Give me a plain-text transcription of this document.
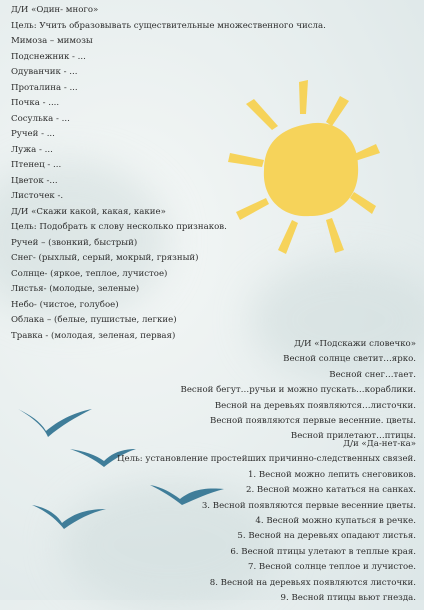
Д/И «Один- много»
Цель: Учить образовывать существительные множественного числа.
Мимоза – мимозы
Подснежник - ...
Одуванчик - ...
Проталина - ...
Почка - ....
Сосулька - ...
Ручей - ...
Лужа - ...
Птенец - ...
Цветок -...
Листочек -.
Д/И «Скажи какой, какая, какие»
Цель: Подобрать к слову несколько признаков.
Ручей – (звонкий, быстрый)
Снег- (рыхлый, серый, мокрый, грязный)
Солнце- (яркое, теплое, лучистое)
Листья- (молодые, зеленые)
Небо- (чистое, голубое)
Облака – (белые, пушистые, легкие)
Травка - (молодая, зеленая, первая)
Д/И «Подскажи словечко»
Весной солнце светит…ярко.
Весной снег…тает.
Весной бегут…ручьи и можно пускать…кораблики.
Весной на деревьях появляются…листочки.
Весной появляются первые весенние. цветы.
Весной прилетают…птицы.
Д/и «Да-нет-ка»
Цель: установление простейших причинно-следственных связей.
1. Весной можно лепить снеговиков.
2. Весной можно кататься на санках.
3. Весной появляются первые весенние цветы.
4. Весной можно купаться в речке.
5. Весной на деревьях опадают листья.
6. Весной птицы улетают в теплые края.
7. Весной солнце теплое и лучистое.
8. Весной на деревьях появляются листочки.
9. Весной птицы вьют гнезда.
